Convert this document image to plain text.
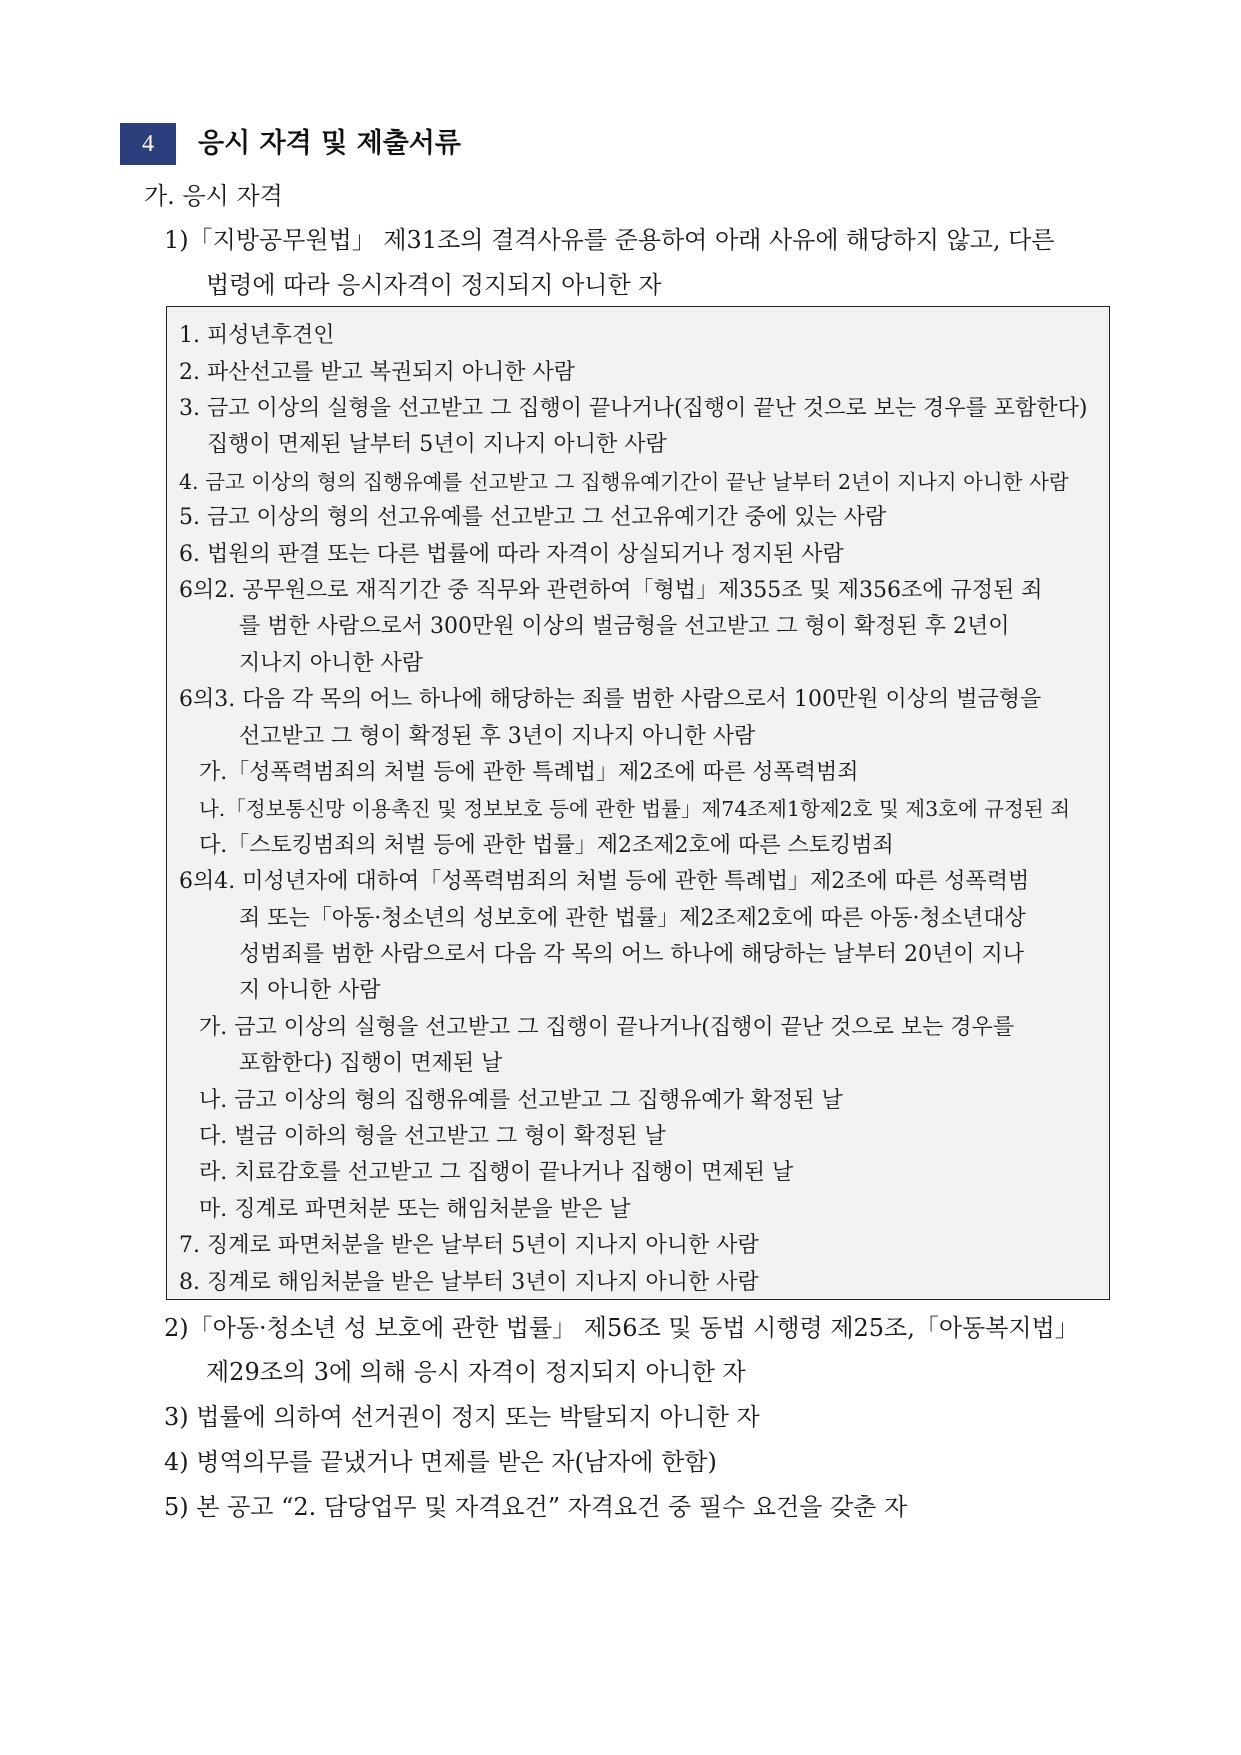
4	응시 자격 및 제출서류
가. 응시 자격
1)「지방공무원법」 제31조의 결격사유를 준용하여 아래 사유에 해당하지 않고, 다른
법령에 따라 응시자격이 정지되지 아니한 자
1. 피성년후견인
2. 파산선고를 받고 복권되지 아니한 사람
3. 금고 이상의 실형을 선고받고 그 집행이 끝나거나(집행이 끝난 것으로 보는 경우를 포함한다)
집행이 면제된 날부터 5년이 지나지 아니한 사람
4. 금고 이상의 형의 집행유예를 선고받고 그 집행유예기간이 끝난 날부터 2년이 지나지 아니한 사람
5. 금고 이상의 형의 선고유예를 선고받고 그 선고유예기간 중에 있는 사람
6. 법원의 판결 또는 다른 법률에 따라 자격이 상실되거나 정지된 사람
6의2. 공무원으로 재직기간 중 직무와 관련하여「형법」제355조 및 제356조에 규정된 죄
를 범한 사람으로서 300만원 이상의 벌금형을 선고받고 그 형이 확정된 후 2년이
지나지 아니한 사람
6의3. 다음 각 목의 어느 하나에 해당하는 죄를 범한 사람으로서 100만원 이상의 벌금형을
선고받고 그 형이 확정된 후 3년이 지나지 아니한 사람
가.「성폭력범죄의 처벌 등에 관한 특례법」제2조에 따른 성폭력범죄
나.「정보통신망 이용촉진 및 정보보호 등에 관한 법률」제74조제1항제2호 및 제3호에 규정된 죄
다.「스토킹범죄의 처벌 등에 관한 법률」제2조제2호에 따른 스토킹범죄
6의4. 미성년자에 대하여「성폭력범죄의 처벌 등에 관한 특례법」제2조에 따른 성폭력범
죄 또는「아동·청소년의 성보호에 관한 법률」제2조제2호에 따른 아동·청소년대상
성범죄를 범한 사람으로서 다음 각 목의 어느 하나에 해당하는 날부터 20년이 지나
지 아니한 사람
가. 금고 이상의 실형을 선고받고 그 집행이 끝나거나(집행이 끝난 것으로 보는 경우를
포함한다) 집행이 면제된 날
나. 금고 이상의 형의 집행유예를 선고받고 그 집행유예가 확정된 날
다. 벌금 이하의 형을 선고받고 그 형이 확정된 날
라. 치료감호를 선고받고 그 집행이 끝나거나 집행이 면제된 날
마. 징계로 파면처분 또는 해임처분을 받은 날
7. 징계로 파면처분을 받은 날부터 5년이 지나지 아니한 사람
8. 징계로 해임처분을 받은 날부터 3년이 지나지 아니한 사람
2)「아동·청소년 성 보호에 관한 법률」 제56조 및 동법 시행령 제25조,「아동복지법」
제29조의 3에 의해 응시 자격이 정지되지 아니한 자
3) 법률에 의하여 선거권이 정지 또는 박탈되지 아니한 자
4) 병역의무를 끝냈거나 면제를 받은 자(남자에 한함)
5) 본 공고 “2. 담당업무 및 자격요건” 자격요건 중 필수 요건을 갖춘 자
